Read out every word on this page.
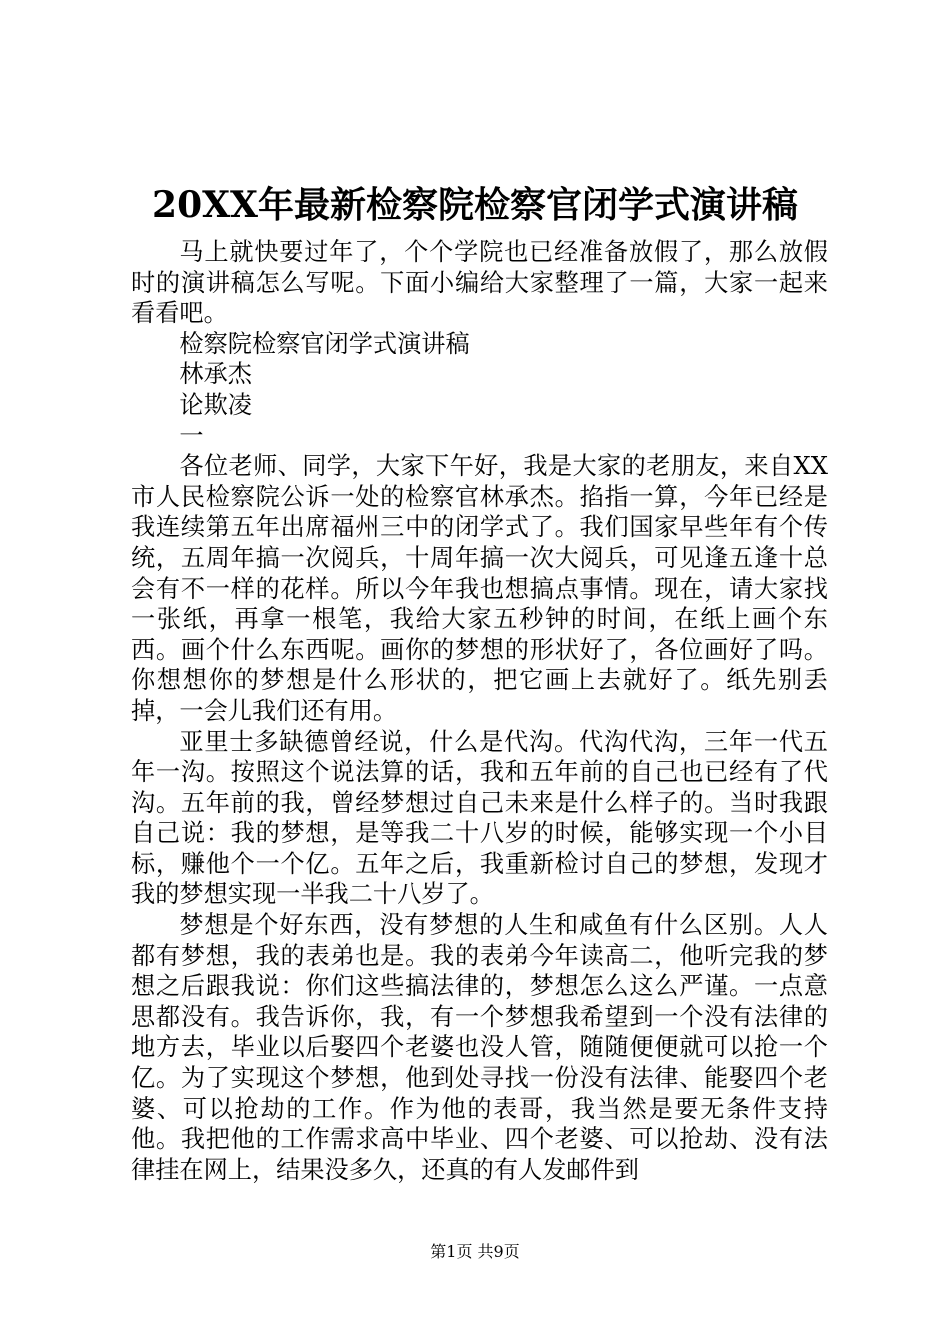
20XX年最新检察院检察官闭学式演讲稿

马上就快要过年了，个个学院也已经准备放假了，那么放假时的演讲稿怎么写呢。下面小编给大家整理了一篇，大家一起来看看吧。

检察院检察官闭学式演讲稿

林承杰

论欺凌

一

各位老师、同学，大家下午好，我是大家的老朋友，来自XX市人民检察院公诉一处的检察官林承杰。掐指一算，今年已经是我连续第五年出席福州三中的闭学式了。我们国家早些年有个传统，五周年搞一次阅兵，十周年搞一次大阅兵，可见逢五逢十总会有不一样的花样。所以今年我也想搞点事情。现在，请大家找一张纸，再拿一根笔，我给大家五秒钟的时间，在纸上画个东西。画个什么东西呢。画你的梦想的形状好了，各位画好了吗。你想想你的梦想是什么形状的，把它画上去就好了。纸先别丢掉，一会儿我们还有用。

亚里士多缺德曾经说，什么是代沟。代沟代沟，三年一代五年一沟。按照这个说法算的话，我和五年前的自己也已经有了代沟。五年前的我，曾经梦想过自己未来是什么样子的。当时我跟自己说：我的梦想，是等我二十八岁的时候，能够实现一个小目标，赚他个一个亿。五年之后，我重新检讨自己的梦想，发现才我的梦想实现一半我二十八岁了。

梦想是个好东西，没有梦想的人生和咸鱼有什么区别。人人都有梦想，我的表弟也是。我的表弟今年读高二，他听完我的梦想之后跟我说：你们这些搞法律的，梦想怎么这么严谨。一点意思都没有。我告诉你，我，有一个梦想我希望到一个没有法律的地方去，毕业以后娶四个老婆也没人管，随随便便就可以抢一个亿。为了实现这个梦想，他到处寻找一份没有法律、能娶四个老婆、可以抢劫的工作。作为他的表哥，我当然是要无条件支持他。我把他的工作需求高中毕业、四个老婆、可以抢劫、没有法律挂在网上，结果没多久，还真的有人发邮件到

第1页 共9页
